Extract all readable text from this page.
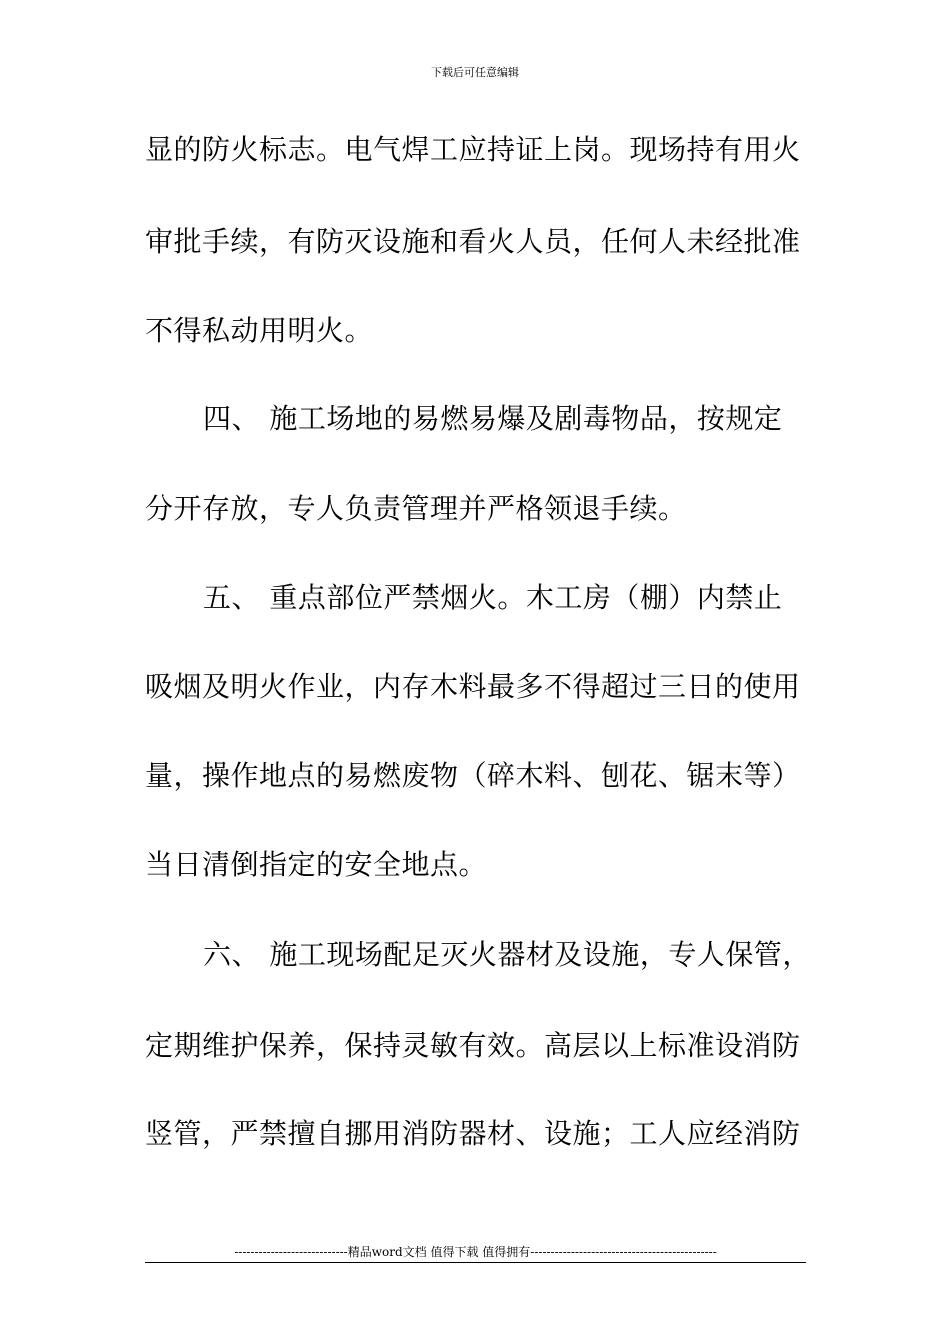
下载后可任意编辑
显的防火标志。电气焊工应持证上岗。现场持有用火
审批手续，有防灭设施和看火人员，任何人未经批准
不得私动用明火。
四、 施工场地的易燃易爆及剧毒物品，按规定
分开存放，专人负责管理并严格领退手续。
五、 重点部位严禁烟火。木工房（棚）内禁止
吸烟及明火作业，内存木料最多不得超过三日的使用
量，操作地点的易燃废物（碎木料、刨花、锯末等）
当日清倒指定的安全地点。
六、 施工现场配足灭火器材及设施，专人保管，
定期维护保养，保持灵敏有效。高层以上标准设消防
竖管，严禁擅自挪用消防器材、设施；工人应经消防
----------------------------精品word文档 值得下载 值得拥有----------------------------------------------
